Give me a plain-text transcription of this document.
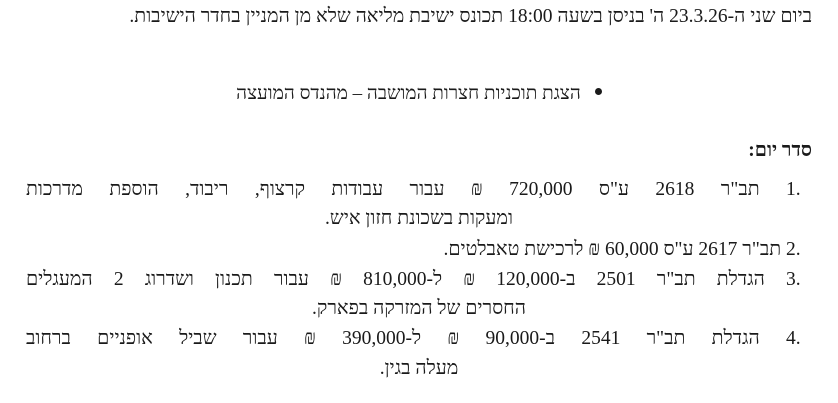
ביום שני ה-23.3.26 ה' בניסן בשעה 18:00 תכונס ישיבת מליאה שלא מן המניין בחדר הישיבות.
הצגת תוכניות חצרות המושבה – מהנדס המועצה
סדר יום:
1 . תב"ר 2618 ע"ס 720,000 ₪ עבור עבודות קרצוף, ריבוד, הוספת מדרכות
ומעקות בשכונת חזון איש.
2 . תב"ר 2617 ע"ס 60,000 ₪ לרכישת טאבלטים.
3 . הגדלת תב"ר 2501 ב-120,000 ₪ ל-810,000 ₪ עבור תכנון ושדרוג 2 המעגלים
החסרים של המזרקה בפארק.
4 . הגדלת תב"ר 2541 ב-90,000 ₪ ל-390,000 ₪ עבור שביל אופניים ברחוב
מעלה בגין.
